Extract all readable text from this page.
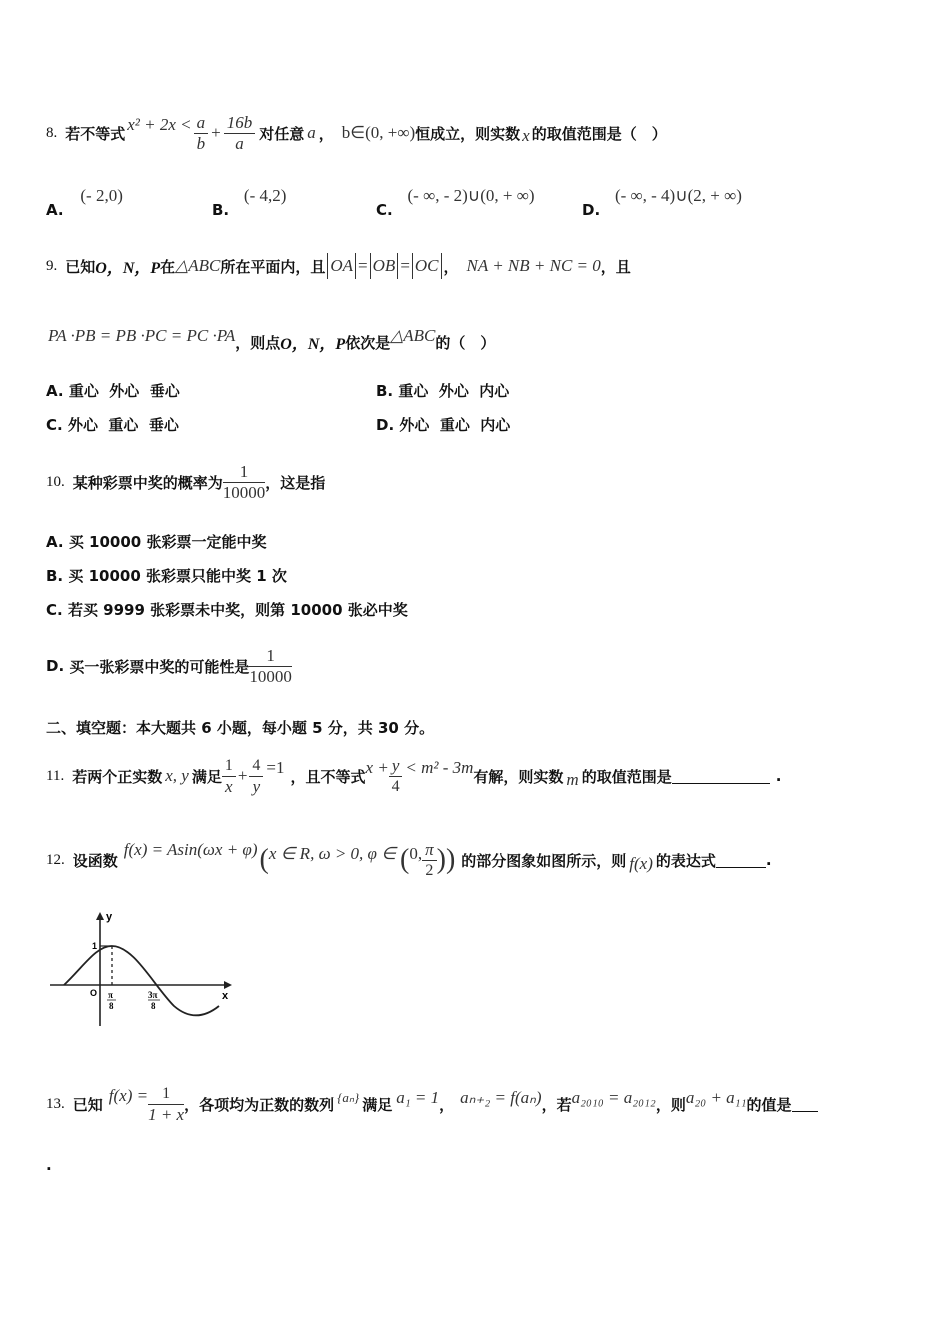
8. 若不等式 $x^2 + 2x < \frac{a}{b} + \frac{16b}{a}$ 对任意 a ， b∈(0, +∞) 恒成立，则实数 x 的取值范围是（　）
A. (- 2,0)
B. (- 4,2)
C. (- ∞, - 2)∪(0, + ∞)
D. (- ∞, - 4)∪(2, + ∞)
9. 已知 O，N，P 在 △ABC 所在平面内，且 OA = OB = OC ， NA + NB + NC = 0 ，且
PA ·PB = PB ·PC = PC ·PA ，则点 O，N，P 依次是 △ABC 的（　）
A. 重心  外心  垂心	B. 重心  外心  内心
C. 外心  重心  垂心	D. 外心  重心  内心
10. 某种彩票中奖的概率为 $\frac{1}{10000}$ ，这是指
A. 买 10000 张彩票一定能中奖
B. 买 10000 张彩票只能中奖 1 次
C. 若买 9999 张彩票未中奖，则第 10000 张必中奖
D.
买一张彩票中奖的可能性是 $\frac{1}{10000}$
二、填空题：本大题共 6 小题，每小题 5 分，共 30 分。
11. 若两个正实数 x, y 满足 $\frac{1}{x} + \frac{4}{y} =1$ ，且不等式 $x + \frac{y}{4} < m^2 - 3m$ 有解，则实数 m 的取值范围是	.
12. 设函数
f(x) = Asin(ωx + φ) ( x ∈ R, ω > 0, φ ∈ ( 0, $\frac{\pi}{2}$ ) ) 的部分图象如图所示，则 f(x) 的表达式	.
y
x
O
1
π
8
3π
8
13. 已知 $f(x) = \frac{1}{1 + x}$ ，各项均为正数的数列 {aₙ} 满足 a₁ = 1 ， aₙ₊₂ = f(aₙ) ，若 a₂₀₁₀ = a₂₀₁₂ ，则 a₂₀ + a₁₁ 的值是
.
